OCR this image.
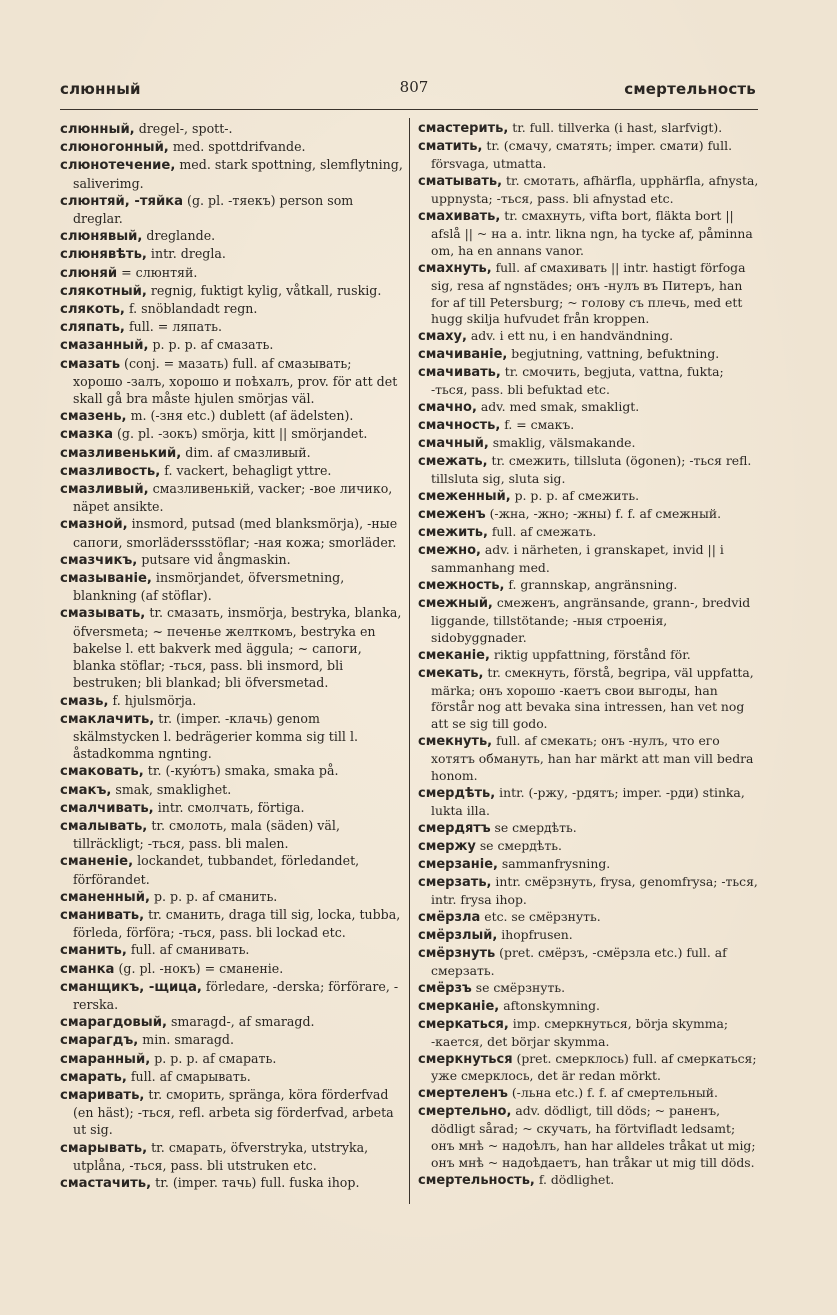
слюнный	807	смертельность

слюнный, dregel-, spott-.

слюногонный, med. spottdrifvande.

слюнотечение, med. stark spottning, slemflytning, saliverimg.

слюнтяй, -тяйка (g. pl. -тяекъ) person som dreglar.

слюнявый, dreglande.

слюнявѣть, intr. dregla.

слюняй = слюнтяй.

слякотный, regnig, fuktigt kylig, våtkall, ruskig.

слякоть, f. snöblandadt regn.

сляпать, full. = ляпать.

смазанный, p. p. p. af смазать.

смазать (conj. = мазать) full. af смазывать; хорошо -залъ, хорошо и поѣхалъ, prov. för att det skall gå bra måste hjulen smörjas väl.

смазень, m. (-зня etc.) dublett (af ädelsten).

смазка (g. pl. -зокъ) smörja, kitt || smörjandet.

смазливенький, dim. af смазливый.

смазливость, f. vackert, behagligt yttre.

смазливый, смазливенькій, vacker; -вое личико, näpet ansikte.

смазной, insmord, putsad (med blanksmörja), -ные сапоги, smorläderssstöflar; -ная кожа; smorläder.

смазчикъ, putsare vid ångmaskin.

смазываніе, insmörjandet, öfversmetning, blankning (af stöflar).

смазывать, tr. смазать, insmörja, bestryka, blanka, öfversmeta; ~ печенье желткомъ, bestryka en bakelse l. ett bakverk med äggula; ~ сапоги, blanka stöflar; -ться, pass. bli insmord, bli bestruken; bli blankad; bli öfversmetad.

смазь, f. hjulsmörja.

смаклачить, tr. (imper. -клачь) genom skälmstycken l. bedrägerier komma sig till l. åstadkomma ngnting.

смаковать, tr. (-кую́тъ) smaka, smaka på.

смакъ, smak, smaklighet.

смалчивать, intr. смолчать, förtiga.

смалывать, tr. смолоть, mala (säden) väl, tillräckligt; -ться, pass. bli malen.

сманеніе, lockandet, tubbandet, förledandet, förförandet.

сманенный, p. p. p. af сманить.

сманивать, tr. сманить, draga till sig, locka, tubba, förleda, förföra; -ться, pass. bli lockad etc.

сманить, full. af сманивать.

сманка (g. pl. -нокъ) = сманеніе.

сманщикъ, -щица, förledare, -derska; förförare, -rerska.

смарагдовый, smaragd-, af smaragd.

смарагдъ, min. smaragd.

смаранный, p. p. p. af смарать.

смарать, full. af смарывать.

смаривать, tr. сморить, spränga, köra förderfvad (en häst); -ться, refl. arbeta sig förderfvad, arbeta ut sig.

смарывать, tr. смарать, öfverstryka, utstryka, utplåna, -ться, pass. bli utstruken etc.

смастачить, tr. (imper. тачь) full. fuska ihop.

смастерить, tr. full. tillverka (i hast, slarfvigt).

сматить, tr. (смачу, сматять; imper. смати) full. försvaga, utmatta.

сматывать, tr. смотать, afhärfla, upphärfla, afnysta, uppnysta; -ться, pass. bli afnystad etc.

смахивать, tr. смахнуть, vifta bort, fläkta bort || afslå || ~ на a. intr. likna ngn, ha tycke af, påminna om, ha en annans vanor.

смахнуть, full. af смахивать || intr. hastigt förfoga sig, resa af ngnstädes; онъ -нулъ въ Питеръ, han for af till Petersburg; ~ голову съ плечь, med ett hugg skilja hufvudet från kroppen.

смаху, adv. i ett nu, i en handvändning.

смачиваніе, begjutning, vattning, befuktning.

смачивать, tr. смочить, begjuta, vattna, fukta; -ться, pass. bli befuktad etc.

смачно, adv. med smak, smakligt.

смачность, f. = смакъ.

смачный, smaklig, välsmakande.

смежать, tr. смежить, tillsluta (ögonen); -ться refl. tillsluta sig, sluta sig.

смеженный, p. p. p. af смежить.

смеженъ (-жна, -жно; -жны) f. f. af смежный.

смежить, full. af смежать.

смежно, adv. i närheten, i granskapet, invid || i sammanhang med.

смежность, f. grannskap, angränsning.

смежный, смеженъ, angränsande, grann-, bredvid liggande, tillstötande; -ныя строенія, sidobyggnader.

смеканіе, riktig uppfattning, förstånd för.

смекать, tr. смекнуть, förstå, begripa, väl uppfatta, märka; онъ хорошо -каетъ свои выгоды, han förstår nog att bevaka sina intressen, han vet nog att se sig till godo.

смекнуть, full. af смекать; онъ -нулъ, что его хотятъ обмануть, han har märkt att man vill bedra honom.

смердѣть, intr. (-ржу, -рдятъ; imper. -рди) stinka, lukta illa.

смердятъ se смердѣть.

смержу se смердѣть.

смерзаніе, sammanfrysning.

смерзать, intr. смёрзнуть, frysa, genomfrysa; -ться, intr. frysa ihop.

смёрзла etc. se смёрзнуть.

смёрзлый, ihopfrusen.

смёрзнуть (pret. смёрзъ, -смёрзла etc.) full. af смерзать.

смёрзъ se смёрзнуть.

смерканіе, aftonskymning.

смеркаться, imp. смеркнуться, börja skymma; -кается, det börjar skymma.

смеркнуться (pret. смерклось) full. af смеркаться; уже смерклось, det är redan mörkt.

смертеленъ (-льна etc.) f. f. af смертельный.

смертельно, adv. dödligt, till döds; ~ раненъ, dödligt sårad; ~ скучать, ha förtvifladt ledsamt; онъ мнѣ ~ надоѣлъ, han har alldeles tråkat ut mig; онъ мнѣ ~ надоѣдаетъ, han tråkar ut mig till döds.

смертельность, f. dödlighet.
